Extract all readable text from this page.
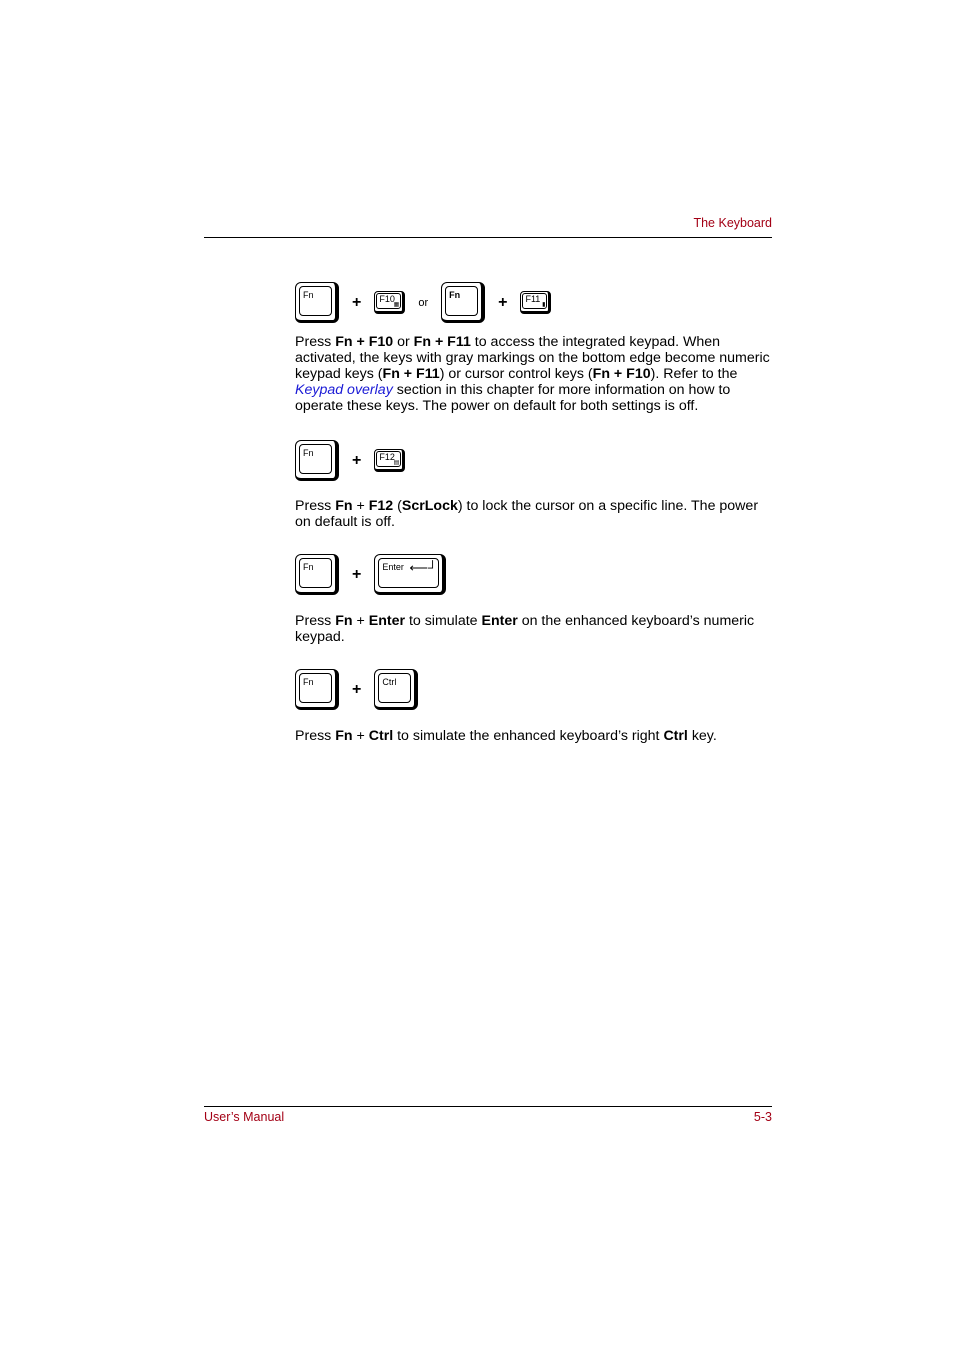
The Keyboard
Fn + F10
▦ or
Fn + F11
▮

Press Fn + F10 or Fn + F11 to access the integrated keypad. When activated, the keys with gray markings on the bottom edge become numeric keypad keys (Fn + F11) or cursor control keys (Fn + F10). Refer to the Keypad overlay section in this chapter for more information on how to operate these keys. The power on default for both settings is off.

Fn + F12
▤

Press Fn + F12 (ScrLock) to lock the cursor on a specific line. The power on default is off.

Fn + Enter ⟵┘

Press Fn + Enter to simulate Enter on the enhanced keyboard’s numeric keypad.

Fn + Ctrl

Press Fn + Ctrl to simulate the enhanced keyboard’s right Ctrl key.

User’s Manual	5-3
